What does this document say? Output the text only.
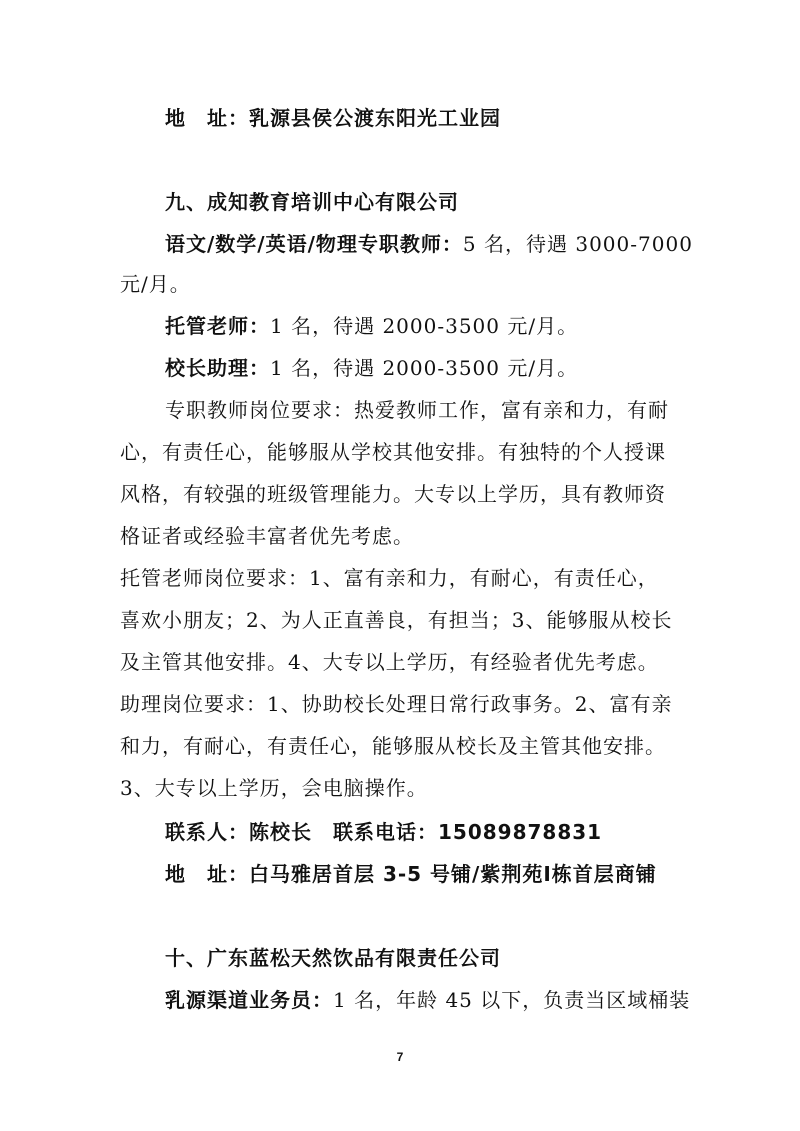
地　址：乳源县侯公渡东阳光工业园
九、成知教育培训中心有限公司
语文/数学/英语/物理专职教师：5 名，待遇 3000-7000
元/月。
托管老师：1 名，待遇 2000-3500 元/月。
校长助理：1 名，待遇 2000-3500 元/月。
专职教师岗位要求：热爱教师工作，富有亲和力，有耐
心，有责任心，能够服从学校其他安排。有独特的个人授课
风格，有较强的班级管理能力。大专以上学历，具有教师资
格证者或经验丰富者优先考虑。
托管老师岗位要求：1、富有亲和力，有耐心，有责任心，
喜欢小朋友；2、为人正直善良，有担当；3、能够服从校长
及主管其他安排。4、大专以上学历，有经验者优先考虑。
助理岗位要求：1、协助校长处理日常行政事务。2、富有亲
和力，有耐心，有责任心，能够服从校长及主管其他安排。
3、大专以上学历，会电脑操作。
联系人：陈校长　联系电话：15089878831
地　址：白马雅居首层 3-5 号铺/紫荆苑Ⅰ栋首层商铺
十、广东蓝松天然饮品有限责任公司
乳源渠道业务员：1 名，年龄 45 以下，负责当区域桶装
7
